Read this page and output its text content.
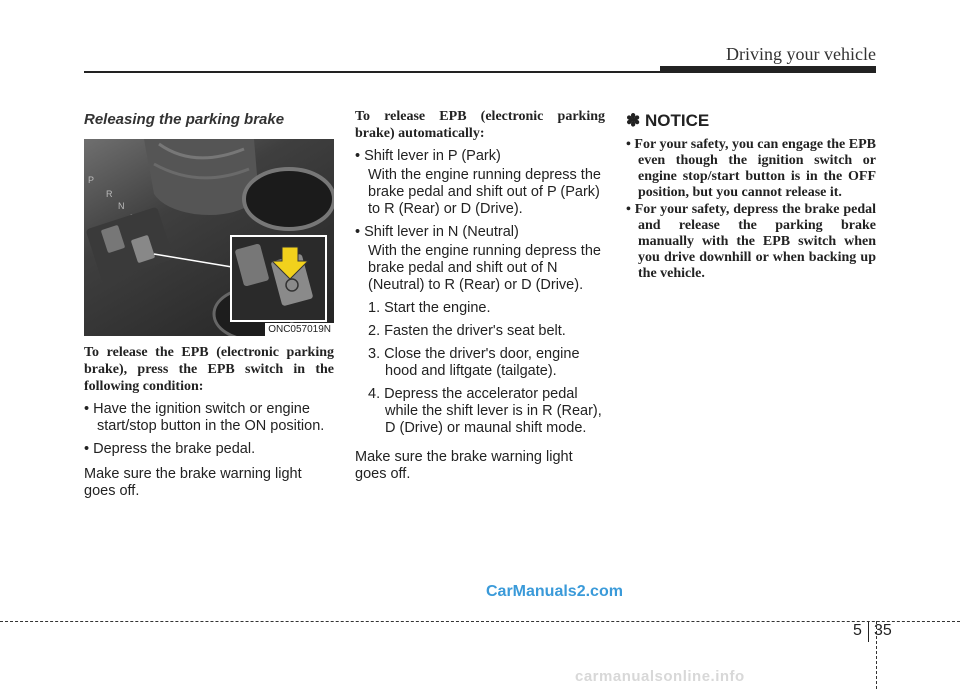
Driving your vehicle
Releasing the parking brake
P
R
N
ONC057019N
To release the EPB (electronic parking brake), press the EPB switch in the following condition:
• Have the ignition switch or engine start/stop button in the ON position.
• Depress the brake pedal.
Make sure the brake warning light goes off.
To release EPB (electronic parking brake) automatically:
• Shift lever in P (Park)
With the engine running depress the brake pedal and shift out of P (Park) to R (Rear) or D (Drive).
• Shift lever in N (Neutral)
With the engine running depress the brake pedal and shift out of N (Neutral) to R (Rear) or D (Drive).
1. Start the engine.
2. Fasten the driver's seat belt.
3. Close the driver's door, engine hood and liftgate (tailgate).
4. Depress the accelerator pedal while the shift lever is in R (Rear), D (Drive) or maunal shift mode.
Make sure the brake warning light goes off.
✽ NOTICE
• For your safety, you can engage the EPB even though the ignition switch or engine stop/start button is in the OFF position, but you cannot release it.
• For your safety, depress the brake pedal and release the parking brake manually with the EPB switch when you drive downhill or when backing up the vehicle.
CarManuals2.com
5 35
carmanualsonline.info
